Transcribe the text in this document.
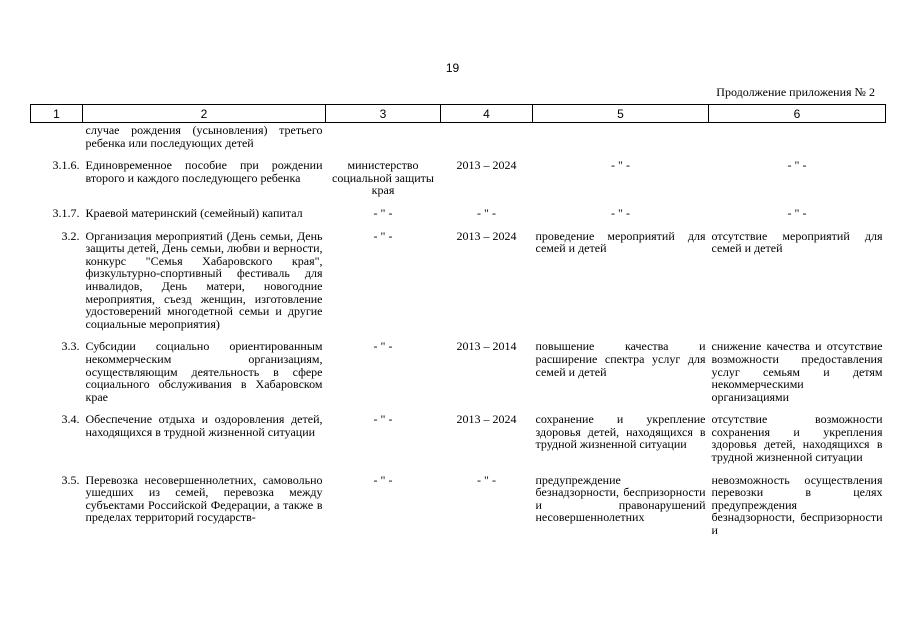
19
Продолжение приложения № 2
1	2	3	4	5	6
	случае рождения (усыновления) третьего ребенка или последующих детей				
3.1.6.	Единовременное пособие при рождении второго и каждого последующего ребенка	министерство социальной защиты края	2013 – 2024	- " -	- " -
3.1.7.	Краевой материнский (семейный) капитал	- " -	- " -	- " -	- " -
3.2.	Организация мероприятий (День семьи, День защиты детей, День семьи, любви и верности, конкурс "Семья Хабаровского края", физкультурно-спортивный фестиваль для инвалидов, День матери, новогодние мероприятия, съезд женщин, изготовление удостоверений многодетной семьи и другие социальные мероприятия)	- " -	2013 – 2024	проведение мероприятий для семей и детей	отсутствие мероприятий для семей и детей
3.3.	Субсидии социально ориентированным некоммерческим организациям, осуществляющим деятельность в сфере социального обслуживания в Хабаровском крае	- " -	2013 – 2014	повышение качества и расширение спектра услуг для семей и детей	снижение качества и отсутствие возможности предоставления услуг семьям и детям некоммерческими организациями
3.4.	Обеспечение отдыха и оздоровления детей, находящихся в трудной жизненной ситуации	- " -	2013 – 2024	сохранение и укрепление здоровья детей, находящихся в трудной жизненной ситуации	отсутствие возможности сохранения и укрепления здоровья детей, находящихся в трудной жизненной ситуации
3.5.	Перевозка несовершеннолетних, самовольно ушедших из семей, перевозка между субъектами Российской Федерации, а также в пределах территорий государств-	- " -	- " -	предупреждение безнадзорности, беспризорности и правонарушений несовершеннолетних	невозможность осуществления перевозки в целях предупреждения безнадзорности, беспризорности и
